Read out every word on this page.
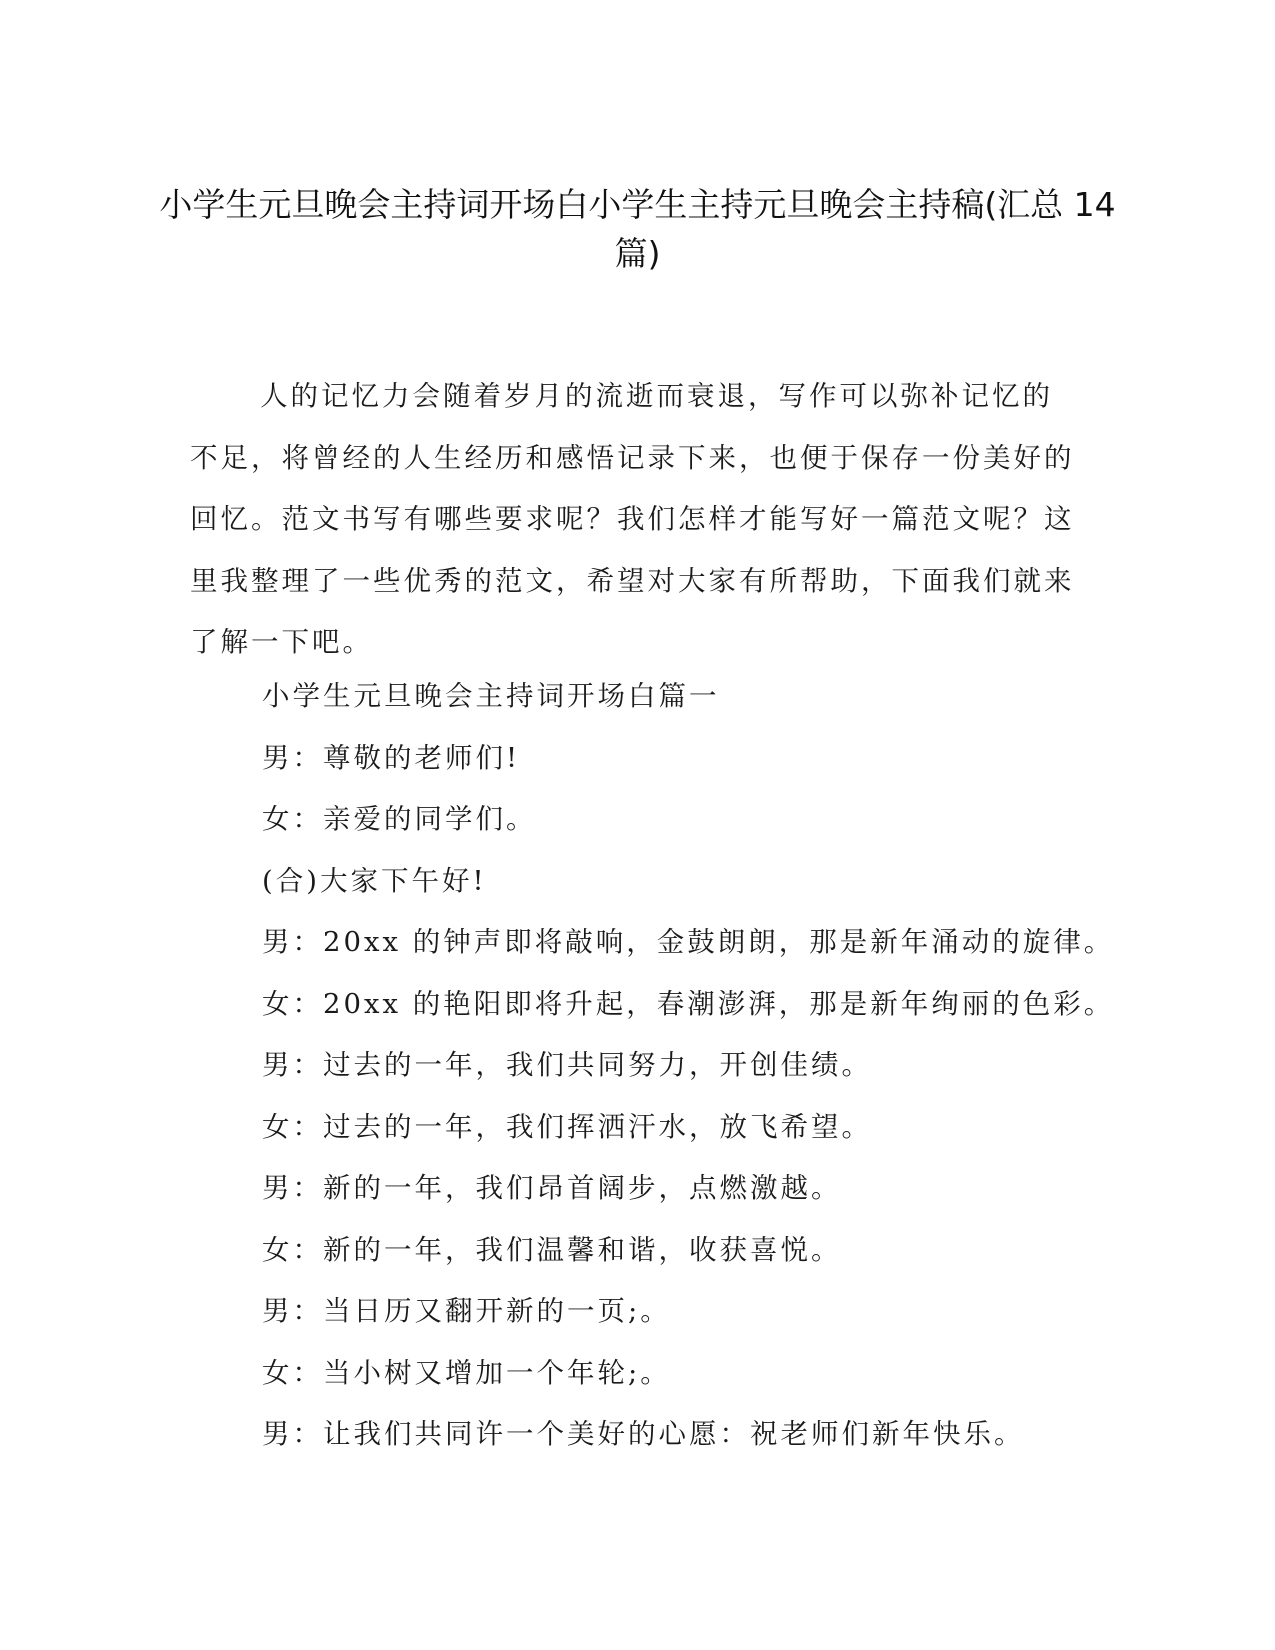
小学生元旦晚会主持词开场白小学生主持元旦晚会主持稿(汇总 14 篇)

人的记忆力会随着岁月的流逝而衰退，写作可以弥补记忆的不足，将曾经的人生经历和感悟记录下来，也便于保存一份美好的回忆。范文书写有哪些要求呢？我们怎样才能写好一篇范文呢？这里我整理了一些优秀的范文，希望对大家有所帮助，下面我们就来了解一下吧。

小学生元旦晚会主持词开场白篇一
男：尊敬的老师们!
女：亲爱的同学们。
(合)大家下午好!
男：20xx 的钟声即将敲响，金鼓朗朗，那是新年涌动的旋律。
女：20xx 的艳阳即将升起，春潮澎湃，那是新年绚丽的色彩。
男：过去的一年，我们共同努力，开创佳绩。
女：过去的一年，我们挥洒汗水，放飞希望。
男：新的一年，我们昂首阔步，点燃激越。
女：新的一年，我们温馨和谐，收获喜悦。
男：当日历又翻开新的一页;。
女：当小树又增加一个年轮;。
男：让我们共同许一个美好的心愿：祝老师们新年快乐。
